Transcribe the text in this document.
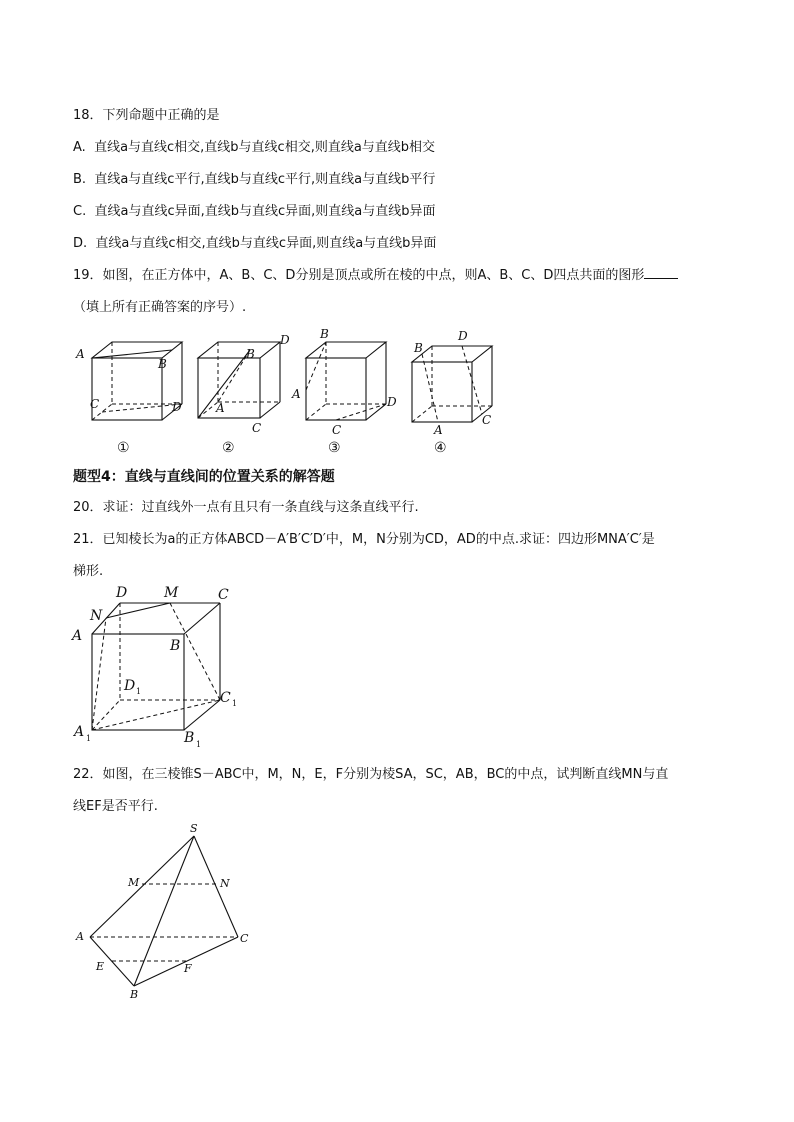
18．下列命题中正确的是
A. 直线a与直线c相交,直线b与直线c相交,则直线a与直线b相交
B. 直线a与直线c平行,直线b与直线c平行,则直线a与直线b平行
C. 直线a与直线c异面,直线b与直线c异面,则直线a与直线b异面
D. 直线a与直线c相交,直线b与直线c异面,则直线a与直线b异面
19．如图，在正方体中，A、B、C、D分别是顶点或所在棱的中点，则A、B、C、D四点共面的图形
（填上所有正确答案的序号）.
A
B
C	D
①
B
D
A
C
②
B
A
D
C
③
B
D
A
C
④
题型4：直线与直线间的位置关系的解答题
20．求证：过直线外一点有且只有一条直线与这条直线平行.
21．已知棱长为a的正方体ABCD－A′B′C′D′中，M，N分别为CD，AD的中点.求证：四边形MNA′C′是
梯形.
D	M	C
N
A
B
D 1	C 1
A 1	B 1
22．如图，在三棱锥S－ABC中，M，N，E，F分别为棱SA，SC，AB，BC的中点，试判断直线MN与直
线EF是否平行.
S
M	N
A	C
E	F
B
